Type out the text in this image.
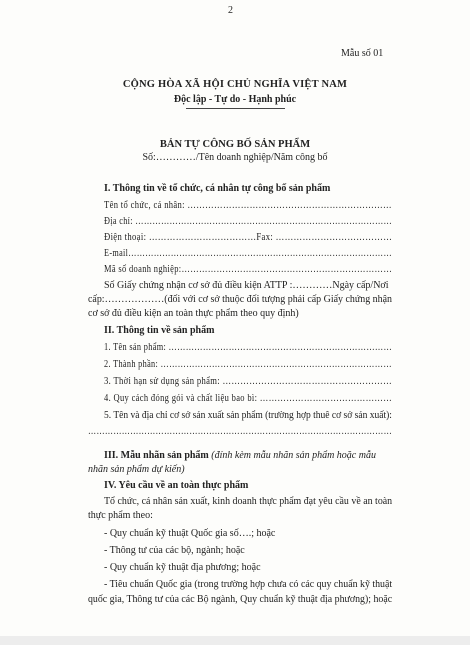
2
Mẫu số 01
CỘNG HÒA XÃ HỘI CHỦ NGHĨA VIỆT NAM
Độc lập - Tự do - Hạnh phúc
BẢN TỰ CÔNG BỐ SẢN PHẨM
Số:…………/Tên doanh nghiệp/Năm công bố
I. Thông tin về tổ chức, cá nhân tự công bố sản phẩm
Tên tổ chức, cá nhân: ……………………………………………………………
Địa chỉ: ………………………………………………………………………………
Điện thoại: ………………………………Fax: …………………………………
E-mail…………………………………………………………………………………
Mã số doanh nghiệp:………………………………………………………………
Số Giấy chứng nhận cơ sở đủ điều kiện ATTP :…………Ngày cấp/Nơi
cấp:………………(đối với cơ sở thuộc đối tượng phải cấp Giấy chứng nhận
cơ sở đủ điều kiện an toàn thực phẩm theo quy định)
II. Thông tin về sản phẩm
1. Tên sản phẩm: ……………………………………………………………………
2. Thành phần: ………………………………………………………………………
3. Thời hạn sử dụng sản phẩm: …………………………………………………
4. Quy cách đóng gói và chất liệu bao bì: ………………………………………
5. Tên và địa chỉ cơ sở sản xuất sản phẩm (trường hợp thuê cơ sở sản xuất):
………………………………………………………………………………………………
III. Mẫu nhãn sản phẩm (đính kèm mẫu nhãn sản phẩm hoặc mẫu
nhãn sản phẩm dự kiến)
IV. Yêu cầu về an toàn thực phẩm
Tổ chức, cá nhân sản xuất, kinh doanh thực phẩm đạt yêu cầu về an toàn
thực phẩm theo:
- Quy chuẩn kỹ thuật Quốc gia số….; hoặc
- Thông tư của các bộ, ngành; hoặc
- Quy chuẩn kỹ thuật địa phương; hoặc
- Tiêu chuẩn Quốc gia (trong trường hợp chưa có các quy chuẩn kỹ thuật
quốc gia, Thông tư của các Bộ ngành, Quy chuẩn kỹ thuật địa phương); hoặc
